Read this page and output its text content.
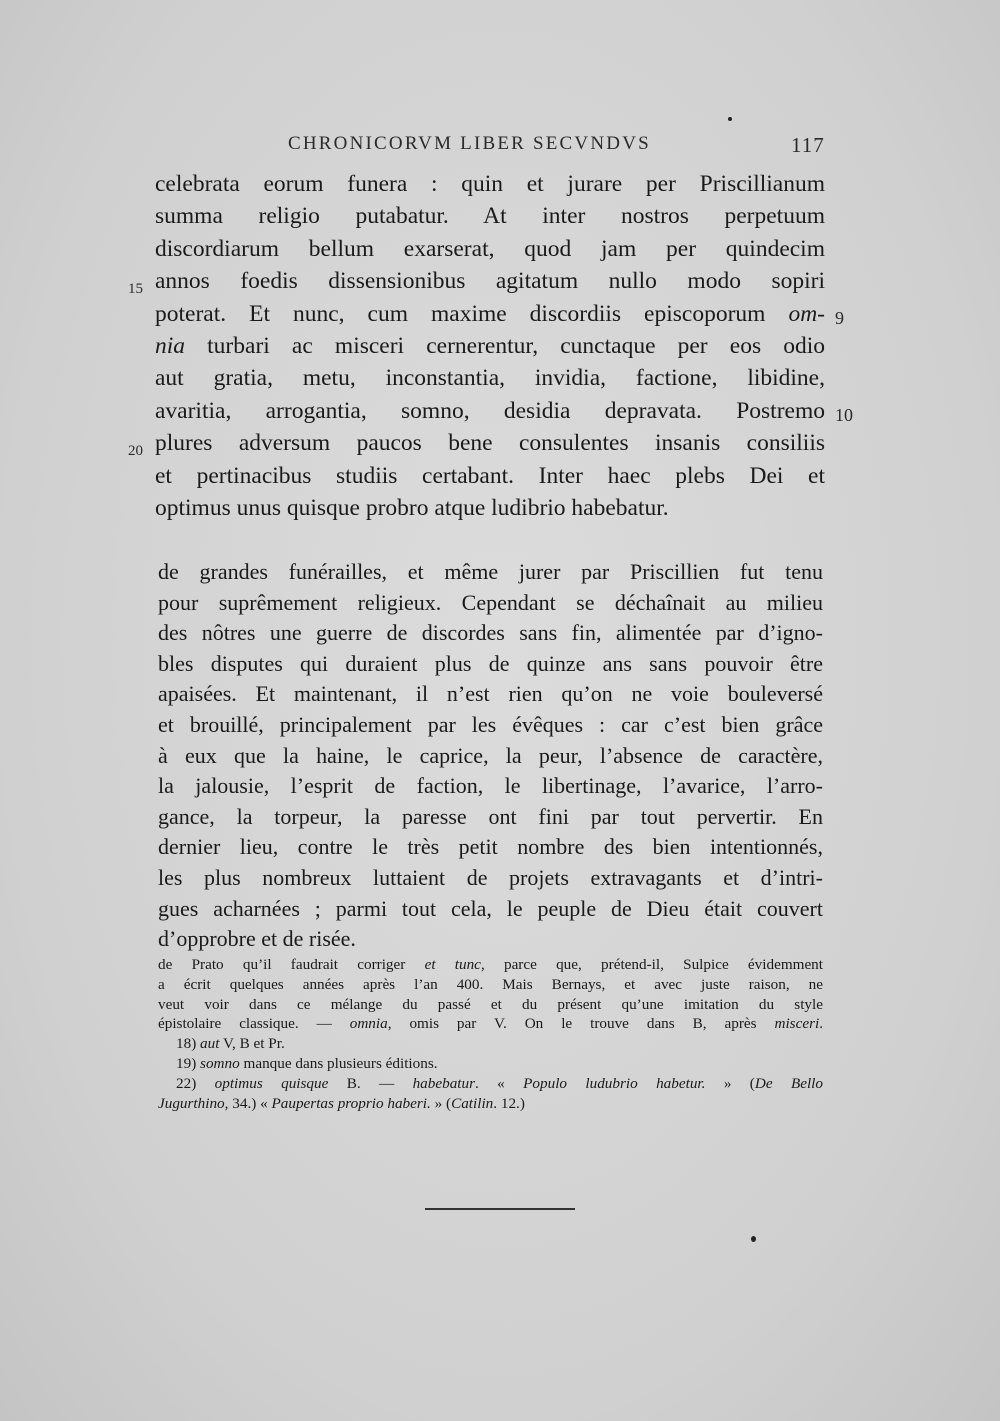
CHRONICORVM LIBER SECVNDVS	117
celebrata eorum funera : quin et jurare per Priscillianum
summa religio putabatur. At inter nostros perpetuum
discordiarum bellum exarserat, quod jam per quindecim
15 annos foedis dissensionibus agitatum nullo modo sopiri
poterat. Et nunc, cum maxime discordiis episcoporum om- 9
nia turbari ac misceri cernerentur, cunctaque per eos odio
aut gratia, metu, inconstantia, invidia, factione, libidine,
avaritia, arrogantia, somno, desidia depravata. Postremo 10
20 plures adversum paucos bene consulentes insanis consiliis
et pertinacibus studiis certabant. Inter haec plebs Dei et
optimus unus quisque probro atque ludibrio habebatur.
de grandes funérailles, et même jurer par Priscillien fut tenu
pour suprêmement religieux. Cependant se déchaînait au milieu
des nôtres une guerre de discordes sans fin, alimentée par d’igno-
bles disputes qui duraient plus de quinze ans sans pouvoir être
apaisées. Et maintenant, il n’est rien qu’on ne voie bouleversé
et brouillé, principalement par les évêques : car c’est bien grâce
à eux que la haine, le caprice, la peur, l’absence de caractère,
la jalousie, l’esprit de faction, le libertinage, l’avarice, l’arro-
gance, la torpeur, la paresse ont fini par tout pervertir. En
dernier lieu, contre le très petit nombre des bien intentionnés,
les plus nombreux luttaient de projets extravagants et d’intri-
gues acharnées ; parmi tout cela, le peuple de Dieu était couvert
d’opprobre et de risée.
de Prato qu’il faudrait corriger et tunc, parce que, prétend-il, Sulpice évidemment
a écrit quelques années après l’an 400. Mais Bernays, et avec juste raison, ne
veut voir dans ce mélange du passé et du présent qu’une imitation du style
épistolaire classique. — omnia, omis par V. On le trouve dans B, après misceri.
18) aut V, B et Pr.
19) somno manque dans plusieurs éditions.
22) optimus quisque B. — habebatur. « Populo ludubrio habetur. » (De Bello
Jugurthino, 34.) « Paupertas proprio haberi. » (Catilin. 12.)
